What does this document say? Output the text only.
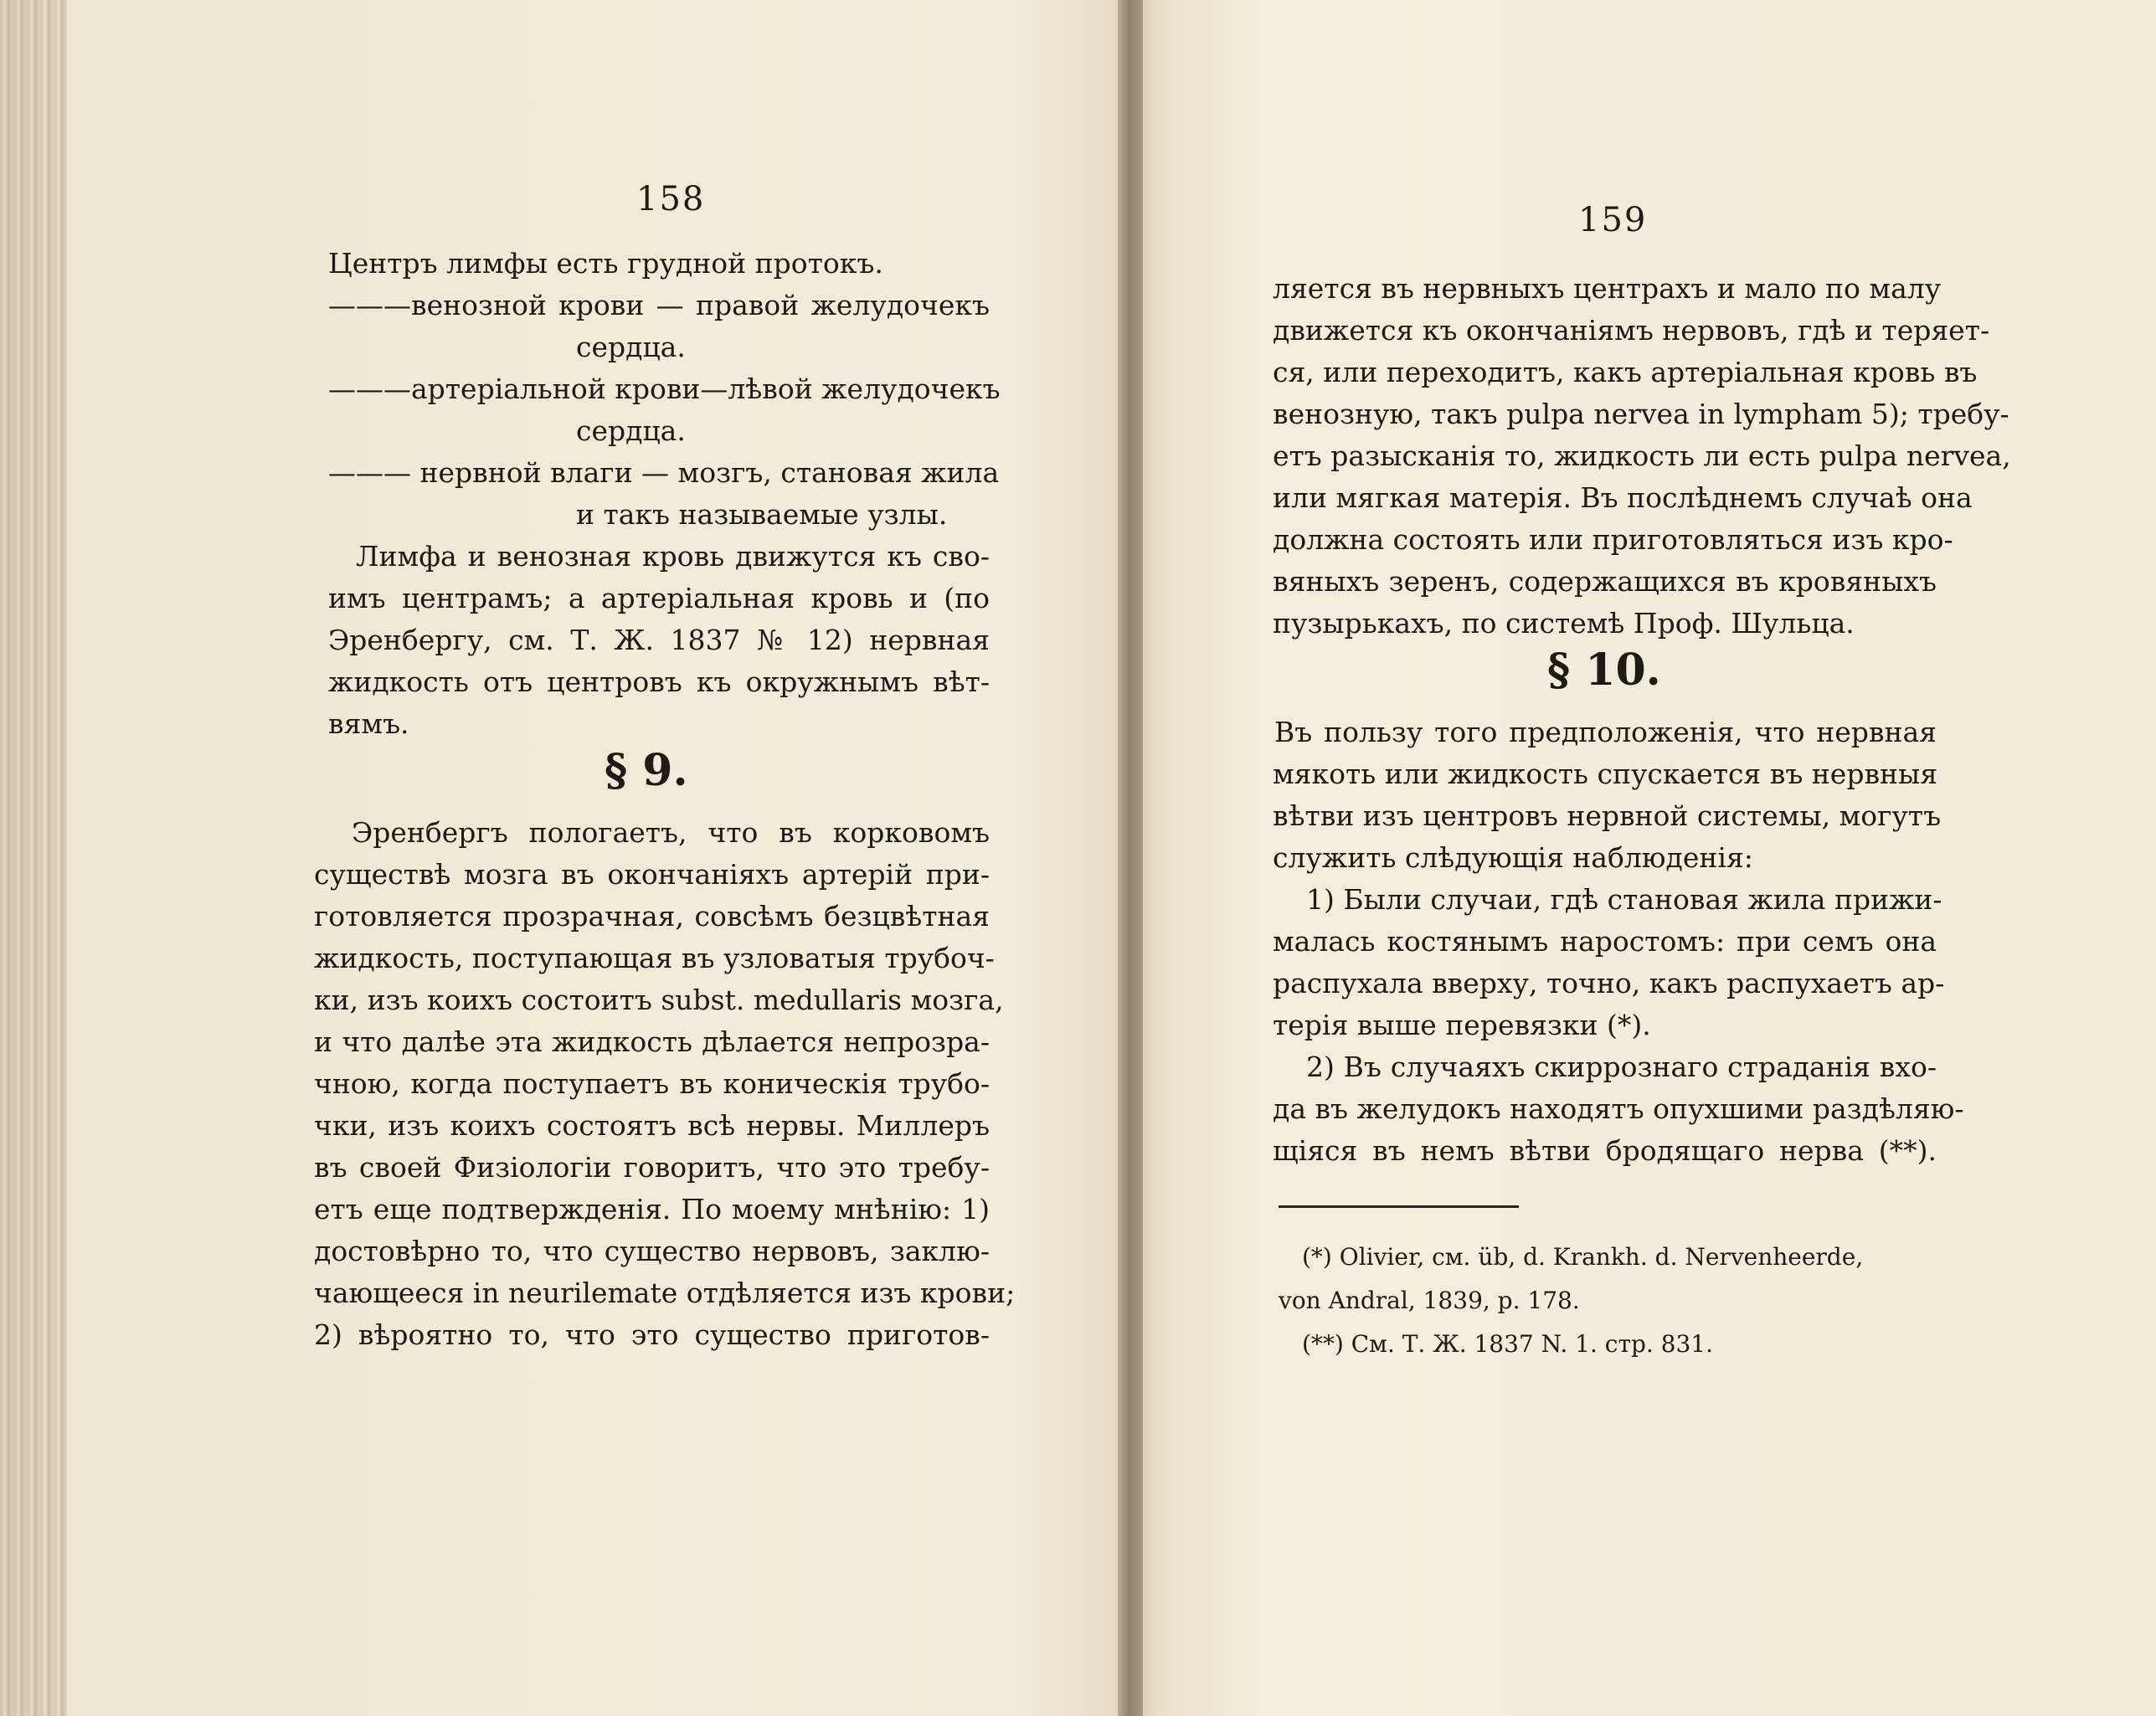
158
Центръ лимфы есть грудной протокъ.
———венозной крови — правой желудочекъ
сердца.
———артеріальной крови—лѣвой желудочекъ
сердца.
——— нервной влаги — мозгъ, становая жила
и такъ называемые узлы.
Лимфа и венозная кровь движутся къ сво-
имъ центрамъ; а артеріальная кровь и (по
Эренбергу, см. Т. Ж. 1837 № 12) нервная
жидкость отъ центровъ къ окружнымъ вѣт-
вямъ.
§ 9.
Эренбергъ пологаетъ, что въ корковомъ
существѣ мозга въ окончаніяхъ артерій при-
готовляется прозрачная, совсѣмъ безцвѣтная
жидкость, поступающая въ узловатыя трубоч-
ки, изъ коихъ состоитъ subst. medullaris мозга,
и что далѣе эта жидкость дѣлается непрозра-
чною, когда поступаетъ въ коническія трубо-
чки, изъ коихъ состоятъ всѣ нервы. Миллеръ
въ своей Физіологіи говоритъ, что это требу-
етъ еще подтвержденія. По моему мнѣнію: 1)
достовѣрно то, что существо нервовъ, заклю-
чающееся in neurilemate отдѣляется изъ крови;
2) вѣроятно то, что это существо приготов-
159
ляется въ нервныхъ центрахъ и мало по малу
движется къ окончаніямъ нервовъ, гдѣ и теряет-
ся, или переходитъ, какъ артеріальная кровь въ
венозную, такъ pulpa nervea in lympham 5); требу-
етъ разысканія то, жидкость ли есть pulpa nervea,
или мягкая матерія. Въ послѣднемъ случаѣ она
должна состоять или приготовляться изъ кро-
вяныхъ зеренъ, содержащихся въ кровяныхъ
пузырькахъ, по системѣ Проф. Шульца.
§ 10.
Въ пользу того предположенія, что нервная
мякоть или жидкость спускается въ нервныя
вѣтви изъ центровъ нервной системы, могутъ
служить слѣдующія наблюденія:
1) Были случаи, гдѣ становая жила прижи-
малась костянымъ наростомъ: при семъ она
распухала вверху, точно, какъ распухаетъ ар-
терія выше перевязки (*).
2) Въ случаяхъ скиррознаго страданія вхо-
да въ желудокъ находятъ опухшими раздѣляю-
щіяся въ немъ вѣтви бродящаго нерва (**).
(*) Olivier, см. üb, d. Krankh. d. Nervenheerde,
von Andral, 1839, p. 178.
(**) См. Т. Ж. 1837 N. 1. стр. 831.
